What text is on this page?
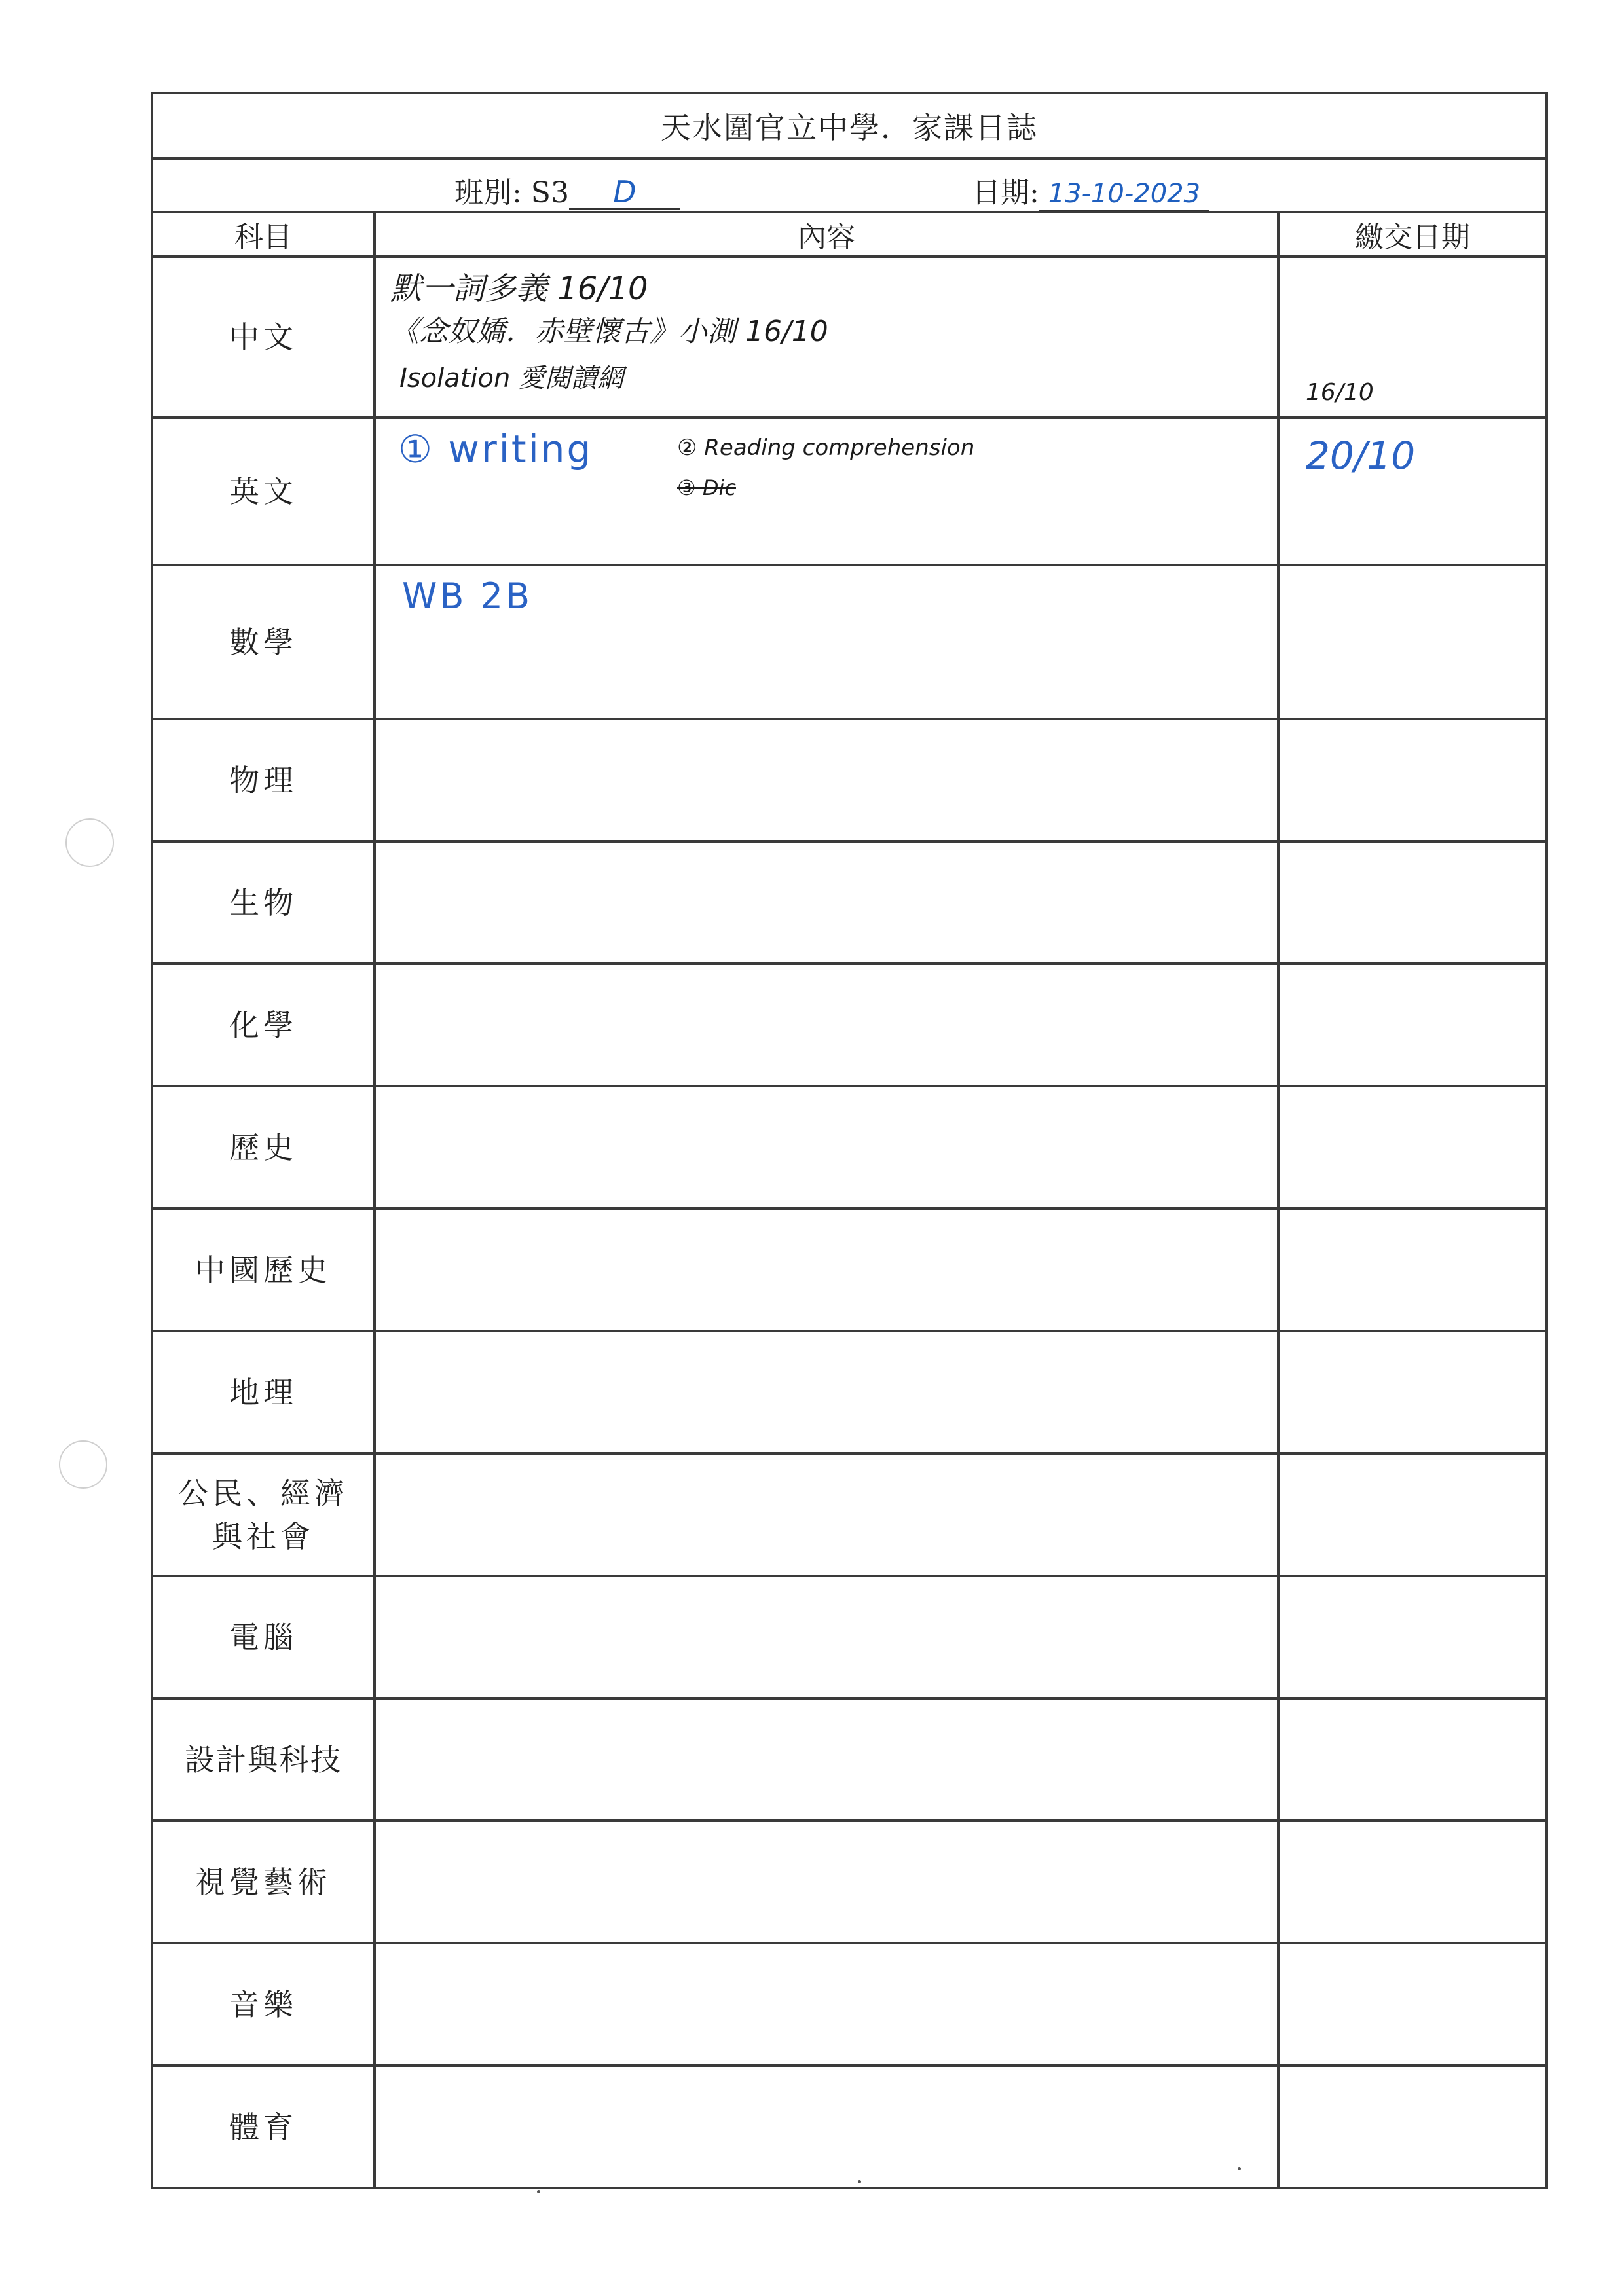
天水圍官立中學．家課日誌		

班別: S3 D 日期: 13-10-2023		

科目	內容	繳交日期
中文	默一詞多義 16/10
《念奴嬌．赤壁懷古》小測 16/10
Isolation 愛閱讀網	16/10

英文	① writing ② Reading comprehension
③ Dic	20/10

數學	WB 2B	

物理		
生物		
化學		
歷史		
中國歷史		
地理		

公民、經濟
與社會		

電腦		
設計與科技		
視覺藝術		
音樂		
體育		
